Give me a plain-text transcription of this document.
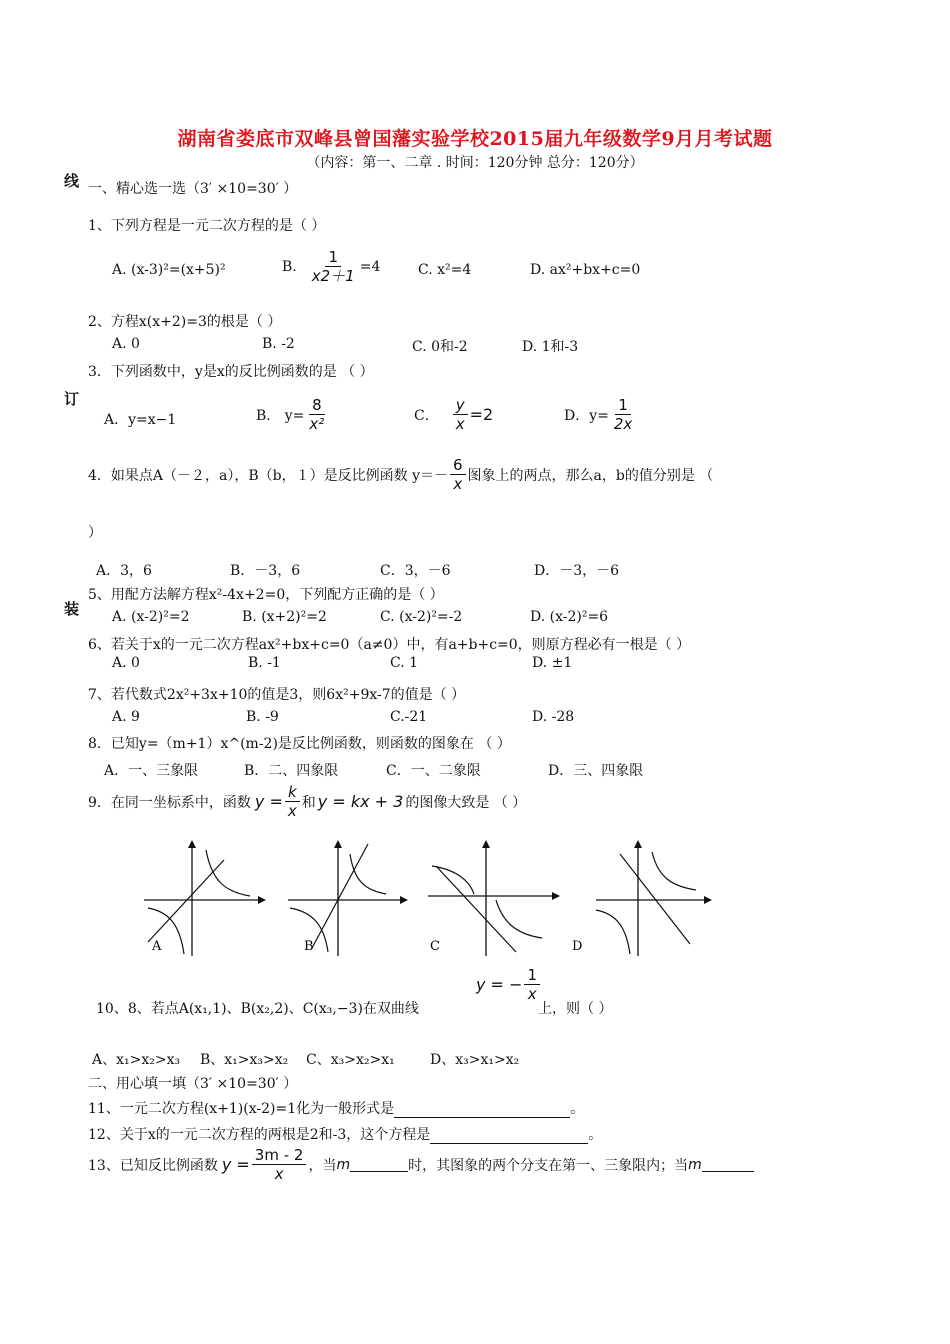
湖南省娄底市双峰县曾国藩实验学校2015届九年级数学9月月考试题
（内容：第一、二章 . 时间：120分钟 总分：120分）
线
订
装
一、精心选一选（3′ ×10=30′ ）
1、下列方程是一元二次方程的是（ ）
A. (x-3)²=(x+5)²	B. $\frac{1}{x2+1} =4$	C. x²=4	D. ax²+bx+c=0
2、方程x(x+2)=3的根是（ ）
A. 0	B. -2	C. 0和-2	D. 1和-3
3．下列函数中，y是x的反比例函数的是 （ ）
A．y=x−1	B． $y= \frac{8}{\text{x²}}$	C． $\frac{y}{x} =2$	D．$y= \frac{1}{2x}$
4．如果点A（－２，a），B（b，１）是反比例函数 $y=- \frac{6}{x}$ 图象上的两点，那么a，b的值分别是 （
）
A．3，6	B．－3，6	C．3，－6	D．－3，－6
5、用配方法解方程x²-4x+2=0，下列配方正确的是（ ）
A. (x-2)²=2	B. (x+2)²=2	C. (x-2)²=-2	D. (x-2)²=6
6、若关于x的一元二次方程ax²+bx+c=0（a≠0）中，有a+b+c=0，则原方程必有一根是（ ）
A. 0	B. -1	C. 1	D. ±1
7、若代数式2x²+3x+10的值是3，则6x²+9x-7的值是（ ）
A. 9	B. -9	C.-21	D. -28
8．已知y=（m+1）x^(m-2)是反比例函数，则函数的图象在 （ ）
A．一、三象限	B．二、四象限	C．一、二象限	D．三、四象限
9．在同一坐标系中，函数 $y = \frac{k}{x}$ 和 y = kx + 3 的图像大致是 （ ）
A	B	C	D
10、8、若点A(x₁,1)、B(x₂,2)、C(x₃,−3)在双曲线
y = − $\frac{1}{x}$
上，则（ ）
A、x₁>x₂>x₃ B、x₁>x₃>x₂ C、x₃>x₂>x₁	D、x₃>x₁>x₂
二、用心填一填（3′ ×10=30′ ）
11、一元二次方程(x+1)(x-2)=1化为一般形式是	。
12、关于x的一元二次方程的两根是2和-3，这个方程是	。
13、已知反比例函数 $y = \frac{3m - 2}{x}$ ，当 m	时，其图象的两个分支在第一、三象限内；当 m
